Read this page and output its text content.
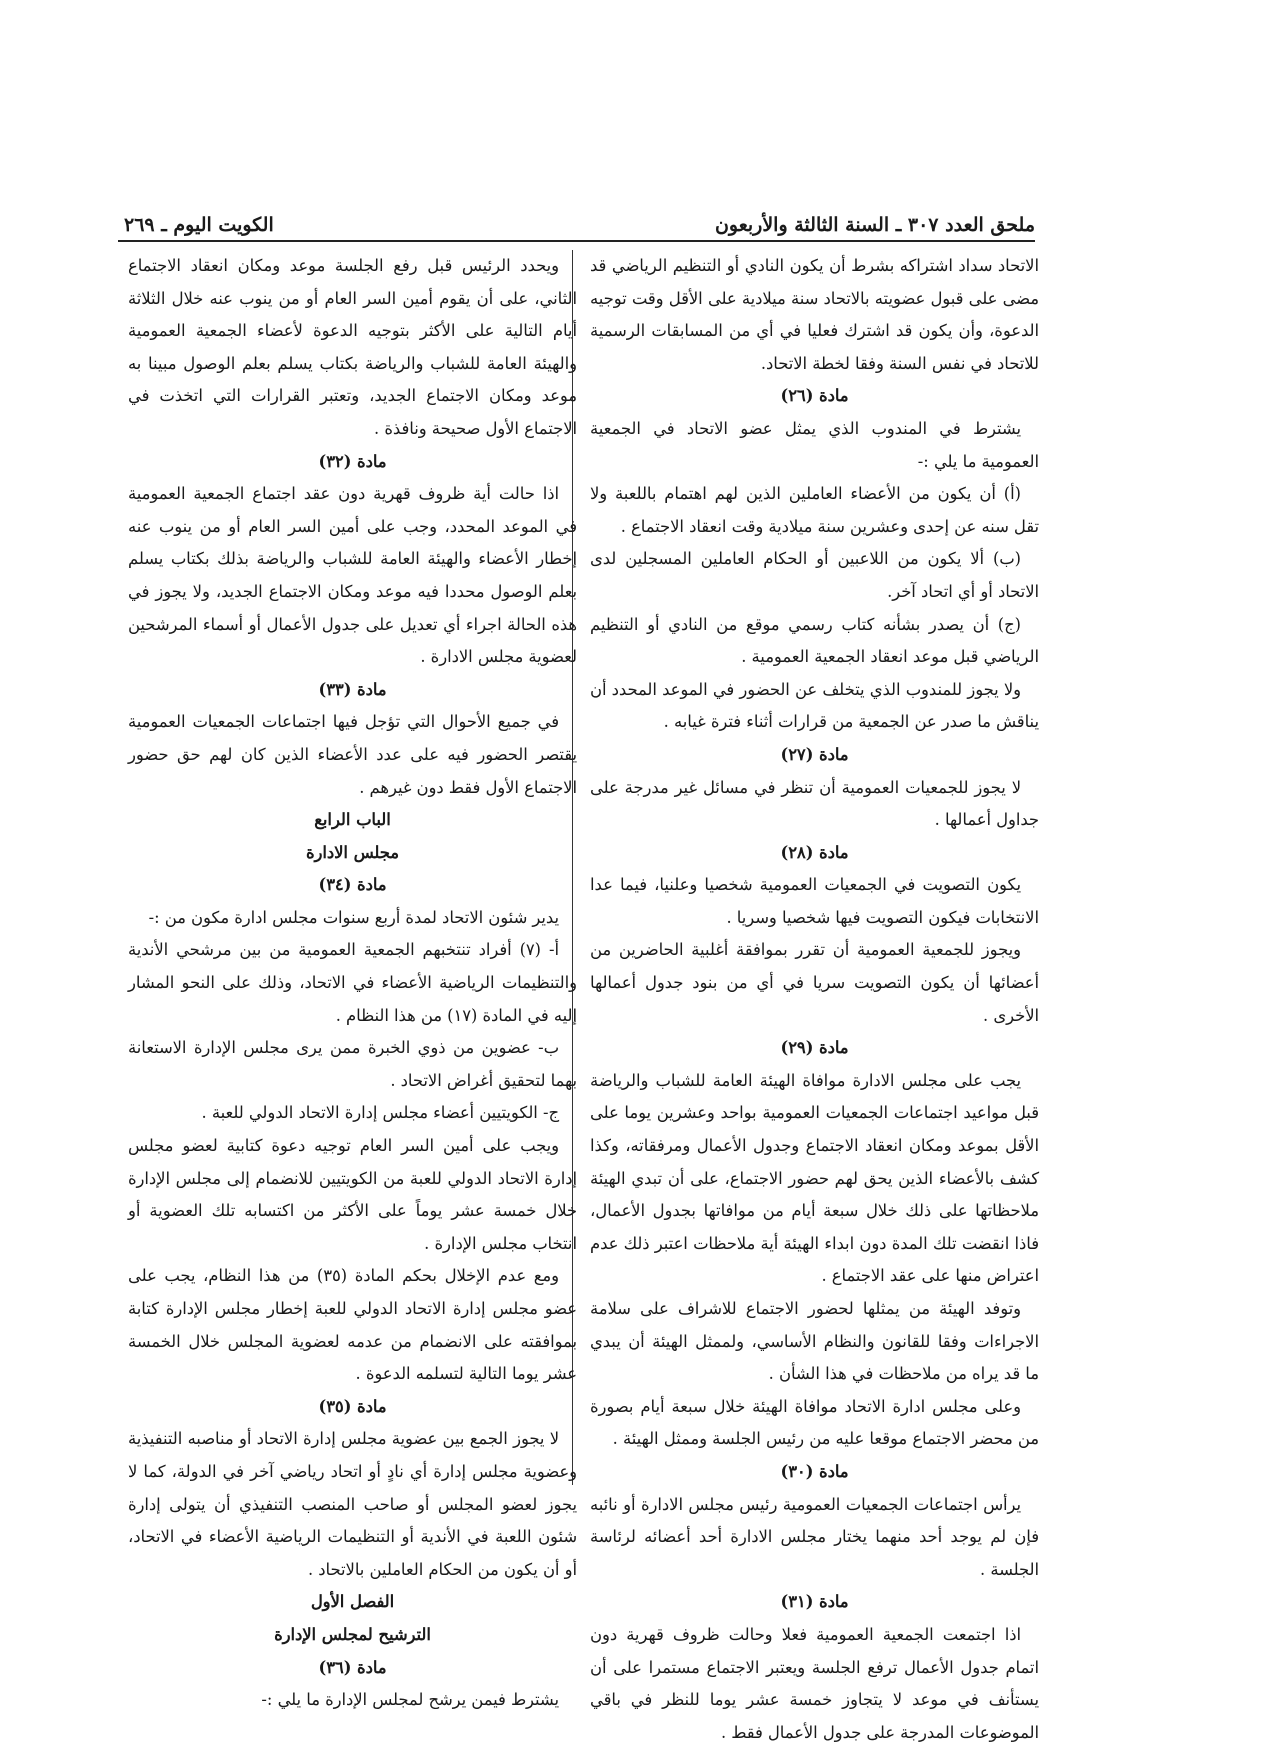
ملحق العدد ٣٠٧ ـ السنة الثالثة والأربعون
الكويت اليوم ـ ٢٦٩

الاتحاد سداد اشتراكه بشرط أن يكون النادي أو التنظيم الرياضي قد مضى على قبول عضويته بالاتحاد سنة ميلادية على الأقل وقت توجيه الدعوة، وأن يكون قد اشترك فعليا في أي من المسابقات الرسمية للاتحاد في نفس السنة وفقا لخطة الاتحاد.

مادة (٢٦)

يشترط في المندوب الذي يمثل عضو الاتحاد في الجمعية العمومية ما يلي :-

(أ) أن يكون من الأعضاء العاملين الذين لهم اهتمام باللعبة ولا تقل سنه عن إحدى وعشرين سنة ميلادية وقت انعقاد الاجتماع .

(ب) ألا يكون من اللاعبين أو الحكام العاملين المسجلين لدى الاتحاد أو أي اتحاد آخر.

(ج) أن يصدر بشأنه كتاب رسمي موقع من النادي أو التنظيم الرياضي قبل موعد انعقاد الجمعية العمومية .

ولا يجوز للمندوب الذي يتخلف عن الحضور في الموعد المحدد أن يناقش ما صدر عن الجمعية من قرارات أثناء فترة غيابه .

مادة (٢٧)

لا يجوز للجمعيات العمومية أن تنظر في مسائل غير مدرجة على جداول أعمالها .

مادة (٢٨)

يكون التصويت في الجمعيات العمومية شخصيا وعلنيا، فيما عدا الانتخابات فيكون التصويت فيها شخصيا وسريا .

ويجوز للجمعية العمومية أن تقرر بموافقة أغلبية الحاضرين من أعضائها أن يكون التصويت سريا في أي من بنود جدول أعمالها الأخرى .

مادة (٢٩)

يجب على مجلس الادارة موافاة الهيئة العامة للشباب والرياضة قبل مواعيد اجتماعات الجمعيات العمومية بواحد وعشرين يوما على الأقل بموعد ومكان انعقاد الاجتماع وجدول الأعمال ومرفقاته، وكذا كشف بالأعضاء الذين يحق لهم حضور الاجتماع، على أن تبدي الهيئة ملاحظاتها على ذلك خلال سبعة أيام من موافاتها بجدول الأعمال، فاذا انقضت تلك المدة دون ابداء الهيئة أية ملاحظات اعتبر ذلك عدم اعتراض منها على عقد الاجتماع .

وتوفد الهيئة من يمثلها لحضور الاجتماع للاشراف على سلامة الاجراءات وفقا للقانون والنظام الأساسي، ولممثل الهيئة أن يبدي ما قد يراه من ملاحظات في هذا الشأن .

وعلى مجلس ادارة الاتحاد موافاة الهيئة خلال سبعة أيام بصورة من محضر الاجتماع موقعا عليه من رئيس الجلسة وممثل الهيئة .

مادة (٣٠)

يرأس اجتماعات الجمعيات العمومية رئيس مجلس الادارة أو نائبه فإن لم يوجد أحد منهما يختار مجلس الادارة أحد أعضائه لرئاسة الجلسة .

مادة (٣١)

اذا اجتمعت الجمعية العمومية فعلا وحالت ظروف قهرية دون اتمام جدول الأعمال ترفع الجلسة ويعتبر الاجتماع مستمرا على أن يستأنف في موعد لا يتجاوز خمسة عشر يوما للنظر في باقي الموضوعات المدرجة على جدول الأعمال فقط .

ويحدد الرئيس قبل رفع الجلسة موعد ومكان انعقاد الاجتماع الثاني، على أن يقوم أمين السر العام أو من ينوب عنه خلال الثلاثة أيام التالية على الأكثر بتوجيه الدعوة لأعضاء الجمعية العمومية والهيئة العامة للشباب والرياضة بكتاب يسلم بعلم الوصول مبينا به موعد ومكان الاجتماع الجديد، وتعتبر القرارات التي اتخذت في الاجتماع الأول صحيحة ونافذة .

مادة (٣٢)

اذا حالت أية ظروف قهرية دون عقد اجتماع الجمعية العمومية في الموعد المحدد، وجب على أمين السر العام أو من ينوب عنه إخطار الأعضاء والهيئة العامة للشباب والرياضة بذلك بكتاب يسلم بعلم الوصول محددا فيه موعد ومكان الاجتماع الجديد، ولا يجوز في هذه الحالة اجراء أي تعديل على جدول الأعمال أو أسماء المرشحين لعضوية مجلس الادارة .

مادة (٣٣)

في جميع الأحوال التي تؤجل فيها اجتماعات الجمعيات العمومية يقتصر الحضور فيه على عدد الأعضاء الذين كان لهم حق حضور الاجتماع الأول فقط دون غيرهم .

الباب الرابع
مجلس الادارة
مادة (٣٤)

يدير شئون الاتحاد لمدة أربع سنوات مجلس ادارة مكون من :-

أ- (٧) أفراد تنتخبهم الجمعية العمومية من بين مرشحي الأندية والتنظيمات الرياضية الأعضاء في الاتحاد، وذلك على النحو المشار إليه في المادة (١٧) من هذا النظام .

ب- عضوين من ذوي الخبرة ممن يرى مجلس الإدارة الاستعانة بهما لتحقيق أغراض الاتحاد .

ج- الكويتيين أعضاء مجلس إدارة الاتحاد الدولي للعبة .

ويجب على أمين السر العام توجيه دعوة كتابية لعضو مجلس إدارة الاتحاد الدولي للعبة من الكويتيين للانضمام إلى مجلس الإدارة خلال خمسة عشر يوماً على الأكثر من اكتسابه تلك العضوية أو انتخاب مجلس الإدارة .

ومع عدم الإخلال بحكم المادة (٣٥) من هذا النظام، يجب على عضو مجلس إدارة الاتحاد الدولي للعبة إخطار مجلس الإدارة كتابة بموافقته على الانضمام من عدمه لعضوية المجلس خلال الخمسة عشر يوما التالية لتسلمه الدعوة .

مادة (٣٥)

لا يجوز الجمع بين عضوية مجلس إدارة الاتحاد أو مناصبه التنفيذية وعضوية مجلس إدارة أي نادٍ أو اتحاد رياضي آخر في الدولة، كما لا يجوز لعضو المجلس أو صاحب المنصب التنفيذي أن يتولى إدارة شئون اللعبة في الأندية أو التنظيمات الرياضية الأعضاء في الاتحاد، أو أن يكون من الحكام العاملين بالاتحاد .

الفصل الأول
الترشيح لمجلس الإدارة
مادة (٣٦)

يشترط فيمن يرشح لمجلس الإدارة ما يلي :-
